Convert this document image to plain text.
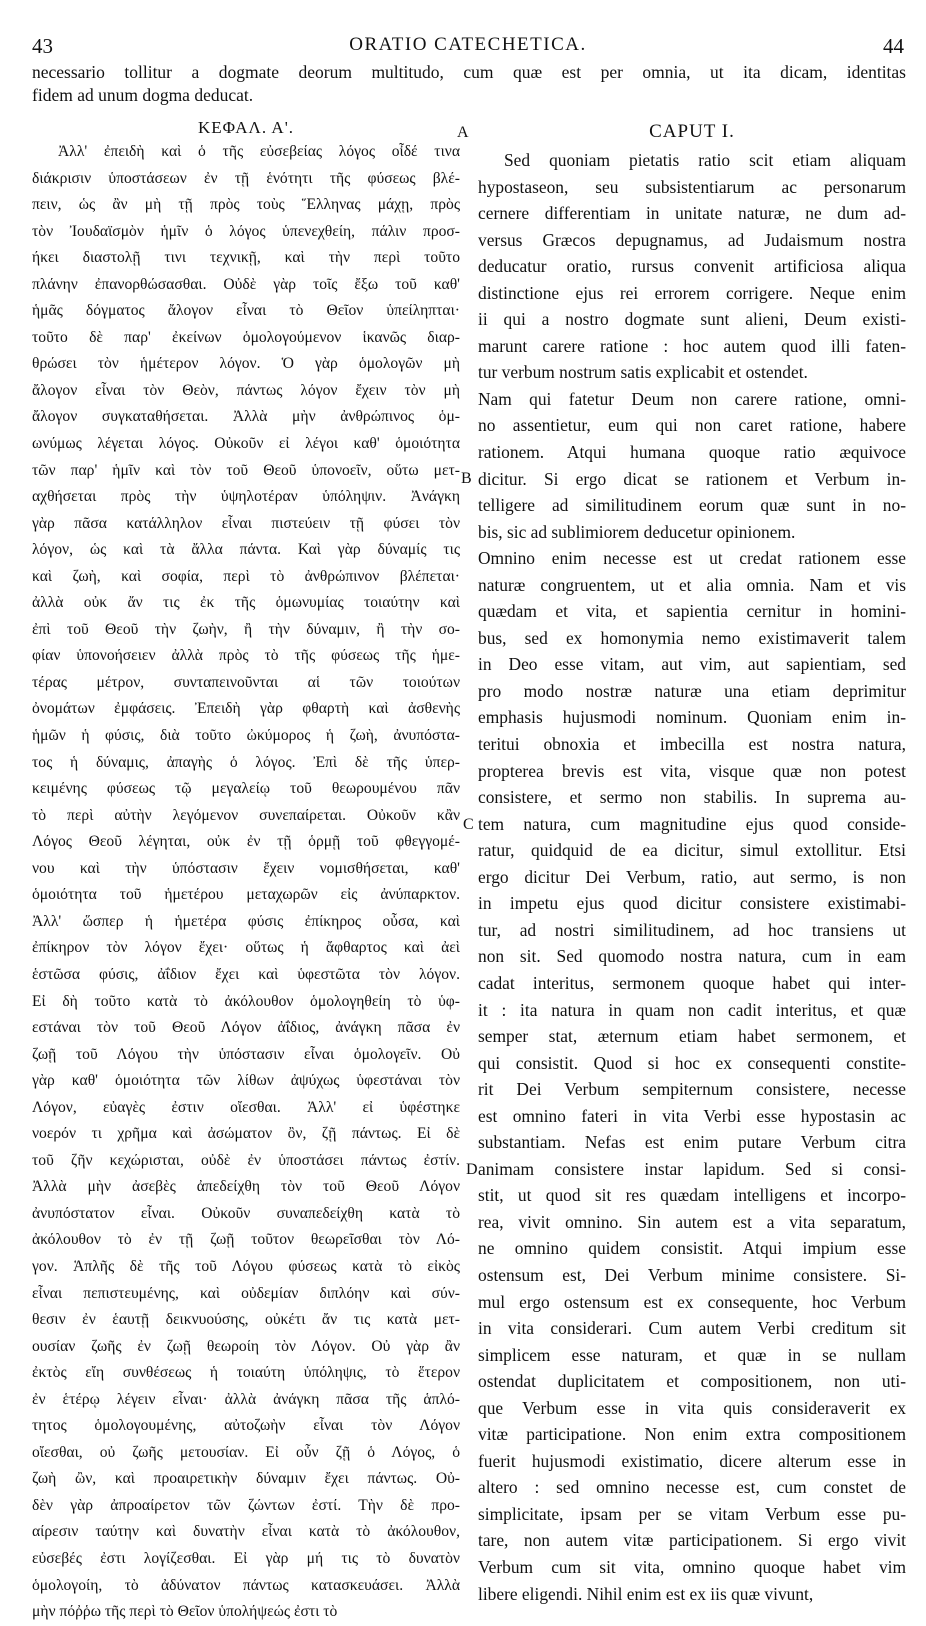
43	ORATIO CATECHETICA.	44
necessario tollitur a dogmate deorum multitudo, cum quæ est per omnia, ut ita dicam, identitas
fidem ad unum dogma deducat.
ΚΕΦΑΛ. Α'.
Ἀλλ' ἐπειδὴ καὶ ὁ τῆς εὐσεβείας λόγος οἶδέ τινα
διάκρισιν ὑποστάσεων ἐν τῇ ἑνότητι τῆς φύσεως βλέ-
πειν, ὡς ἂν μὴ τῇ πρὸς τοὺς Ἕλληνας μάχῃ, πρὸς
τὸν Ἰουδαϊσμὸν ἡμῖν ὁ λόγος ὑπενεχθείη, πάλιν προσ-
ήκει διαστολῇ τινι τεχνικῇ, καὶ τὴν περὶ τοῦτο
πλάνην ἐπανορθώσασθαι. Οὐδὲ γὰρ τοῖς ἔξω τοῦ καθ'
ἡμᾶς δόγματος ἄλογον εἶναι τὸ Θεῖον ὑπείληπται·
τοῦτο δὲ παρ' ἐκείνων ὁμολογούμενον ἱκανῶς διαρ-
θρώσει τὸν ἡμέτερον λόγον. Ὁ γὰρ ὁμολογῶν μὴ
ἄλογον εἶναι τὸν Θεὸν, πάντως λόγον ἔχειν τὸν μὴ
ἄλογον συγκαταθήσεται. Ἀλλὰ μὴν ἀνθρώπινος ὁμ-
ωνύμως λέγεται λόγος. Οὐκοῦν εἰ λέγοι καθ' ὁμοιότητα
τῶν παρ' ἡμῖν καὶ τὸν τοῦ Θεοῦ ὑπονοεῖν, οὕτω μετ-
αχθήσεται πρὸς τὴν ὑψηλοτέραν ὑπόληψιν. Ἀνάγκη
γὰρ πᾶσα κατάλληλον εἶναι πιστεύειν τῇ φύσει τὸν
λόγον, ὡς καὶ τὰ ἄλλα πάντα. Καὶ γὰρ δύναμίς τις
καὶ ζωὴ, καὶ σοφία, περὶ τὸ ἀνθρώπινον βλέπεται·
ἀλλὰ οὐκ ἄν τις ἐκ τῆς ὁμωνυμίας τοιαύτην καὶ
ἐπὶ τοῦ Θεοῦ τὴν ζωὴν, ἢ τὴν δύναμιν, ἢ τὴν σο-
φίαν ὑπονοήσειεν ἀλλὰ πρὸς τὸ τῆς φύσεως τῆς ἡμε-
τέρας μέτρον, συνταπεινοῦνται αἱ τῶν τοιούτων
ὀνομάτων ἐμφάσεις. Ἐπειδὴ γὰρ φθαρτὴ καὶ ἀσθενὴς
ἡμῶν ἡ φύσις, διὰ τοῦτο ὠκύμορος ἡ ζωὴ, ἀνυπόστα-
τος ἡ δύναμις, ἀπαγὴς ὁ λόγος. Ἐπὶ δὲ τῆς ὑπερ-
κειμένης φύσεως τῷ μεγαλείῳ τοῦ θεωρουμένου πᾶν
τὸ περὶ αὐτὴν λεγόμενον συνεπαίρεται. Οὐκοῦν κἂν
Λόγος Θεοῦ λέγηται, οὐκ ἐν τῇ ὁρμῇ τοῦ φθεγγομέ-
νου καὶ τὴν ὑπόστασιν ἔχειν νομισθήσεται, καθ'
ὁμοιότητα τοῦ ἡμετέρου μεταχωρῶν εἰς ἀνύπαρκτον.
Ἀλλ' ὥσπερ ἡ ἡμετέρα φύσις ἐπίκηρος οὖσα, καὶ
ἐπίκηρον τὸν λόγον ἔχει· οὕτως ἡ ἄφθαρτος καὶ ἀεὶ
ἑστῶσα φύσις, ἀΐδιον ἔχει καὶ ὑφεστῶτα τὸν λόγον.
Εἰ δὴ τοῦτο κατὰ τὸ ἀκόλουθον ὁμολογηθείη τὸ ὑφ-
εστάναι τὸν τοῦ Θεοῦ Λόγον ἀΐδιος, ἀνάγκη πᾶσα ἐν
ζωῇ τοῦ Λόγου τὴν ὑπόστασιν εἶναι ὁμολογεῖν. Οὐ
γὰρ καθ' ὁμοιότητα τῶν λίθων ἀψύχως ὑφεστάναι τὸν
Λόγον, εὐαγὲς ἐστιν οἴεσθαι. Ἀλλ' εἰ ὑφέστηκε
νοερόν τι χρῆμα καὶ ἀσώματον ὂν, ζῇ πάντως. Εἰ δὲ
τοῦ ζῆν κεχώρισται, οὐδὲ ἐν ὑποστάσει πάντως ἐστίν.
Ἀλλὰ μὴν ἀσεβὲς ἀπεδείχθη τὸν τοῦ Θεοῦ Λόγον
ἀνυπόστατον εἶναι. Οὐκοῦν συναπεδείχθη κατὰ τὸ
ἀκόλουθον τὸ ἐν τῇ ζωῇ τοῦτον θεωρεῖσθαι τὸν Λό-
γον. Ἁπλῆς δὲ τῆς τοῦ Λόγου φύσεως κατὰ τὸ εἰκὸς
εἶναι πεπιστευμένης, καὶ οὐδεμίαν διπλόην καὶ σύν-
θεσιν ἐν ἑαυτῇ δεικνυούσης, οὐκέτι ἄν τις κατὰ μετ-
ουσίαν ζωῆς ἐν ζωῇ θεωροίη τὸν Λόγον. Οὐ γὰρ ἂν
ἐκτὸς εἴη συνθέσεως ἡ τοιαύτη ὑπόληψις, τὸ ἕτερον
ἐν ἑτέρῳ λέγειν εἶναι· ἀλλὰ ἀνάγκη πᾶσα τῆς ἁπλό-
τητος ὁμολογουμένης, αὐτοζωὴν εἶναι τὸν Λόγον
οἴεσθαι, οὐ ζωῆς μετουσίαν. Εἰ οὖν ζῇ ὁ Λόγος, ὁ
ζωὴ ὢν, καὶ προαιρετικὴν δύναμιν ἔχει πάντως. Οὐ-
δὲν γὰρ ἀπροαίρετον τῶν ζώντων ἐστί. Τὴν δὲ προ-
αίρεσιν ταύτην καὶ δυνατὴν εἶναι κατὰ τὸ ἀκόλουθον,
εὐσεβές ἐστι λογίζεσθαι. Εἰ γὰρ μή τις τὸ δυνατὸν
ὁμολογοίη, τὸ ἀδύνατον πάντως κατασκευάσει. Ἀλλὰ
μὴν πόῤῥω τῆς περὶ τὸ Θεῖον ὑπολήψεώς ἐστι τὸ
CAPUT I.
Sed quoniam pietatis ratio scit etiam aliquam
hypostaseon, seu subsistentiarum ac personarum
cernere differentiam in unitate naturæ, ne dum ad-
versus Græcos depugnamus, ad Judaismum nostra
deducatur oratio, rursus convenit artificiosa aliqua
distinctione ejus rei errorem corrigere. Neque enim
ii qui a nostro dogmate sunt alieni, Deum existi-
marunt carere ratione : hoc autem quod illi faten-
tur verbum nostrum satis explicabit et ostendet.
Nam qui fatetur Deum non carere ratione, omni-
no assentietur, eum qui non caret ratione, habere
rationem. Atqui humana quoque ratio æquivoce
dicitur. Si ergo dicat se rationem et Verbum in-
telligere ad similitudinem eorum quæ sunt in no-
bis, sic ad sublimiorem deducetur opinionem.
Omnino enim necesse est ut credat rationem esse
naturæ congruentem, ut et alia omnia. Nam et vis
quædam et vita, et sapientia cernitur in homini-
bus, sed ex homonymia nemo existimaverit talem
in Deo esse vitam, aut vim, aut sapientiam, sed
pro modo nostræ naturæ una etiam deprimitur
emphasis hujusmodi nominum. Quoniam enim in-
teritui obnoxia et imbecilla est nostra natura,
propterea brevis est vita, visque quæ non potest
consistere, et sermo non stabilis. In suprema au-
tem natura, cum magnitudine ejus quod conside-
ratur, quidquid de ea dicitur, simul extollitur. Etsi
ergo dicitur Dei Verbum, ratio, aut sermo, is non
in impetu ejus quod dicitur consistere existimabi-
tur, ad nostri similitudinem, ad hoc transiens ut
non sit. Sed quomodo nostra natura, cum in eam
cadat interitus, sermonem quoque habet qui inter-
it : ita natura in quam non cadit interitus, et quæ
semper stat, æternum etiam habet sermonem, et
qui consistit. Quod si hoc ex consequenti constite-
rit Dei Verbum sempiternum consistere, necesse
est omnino fateri in vita Verbi esse hypostasin ac
substantiam. Nefas est enim putare Verbum citra
animam consistere instar lapidum. Sed si consi-
stit, ut quod sit res quædam intelligens et incorpo-
rea, vivit omnino. Sin autem est a vita separatum,
ne omnino quidem consistit. Atqui impium esse
ostensum est, Dei Verbum minime consistere. Si-
mul ergo ostensum est ex consequente, hoc Verbum
in vita considerari. Cum autem Verbi creditum sit
simplicem esse naturam, et quæ in se nullam
ostendat duplicitatem et compositionem, non uti-
que Verbum esse in vita quis consideraverit ex
vitæ participatione. Non enim extra compositionem
fuerit hujusmodi existimatio, dicere alterum esse in
altero : sed omnino necesse est, cum constet de
simplicitate, ipsam per se vitam Verbum esse pu-
tare, non autem vitæ participationem. Si ergo vivit
Verbum cum sit vita, omnino quoque habet vim
libere eligendi. Nihil enim est ex iis quæ vivunt,
A
B
C
D
